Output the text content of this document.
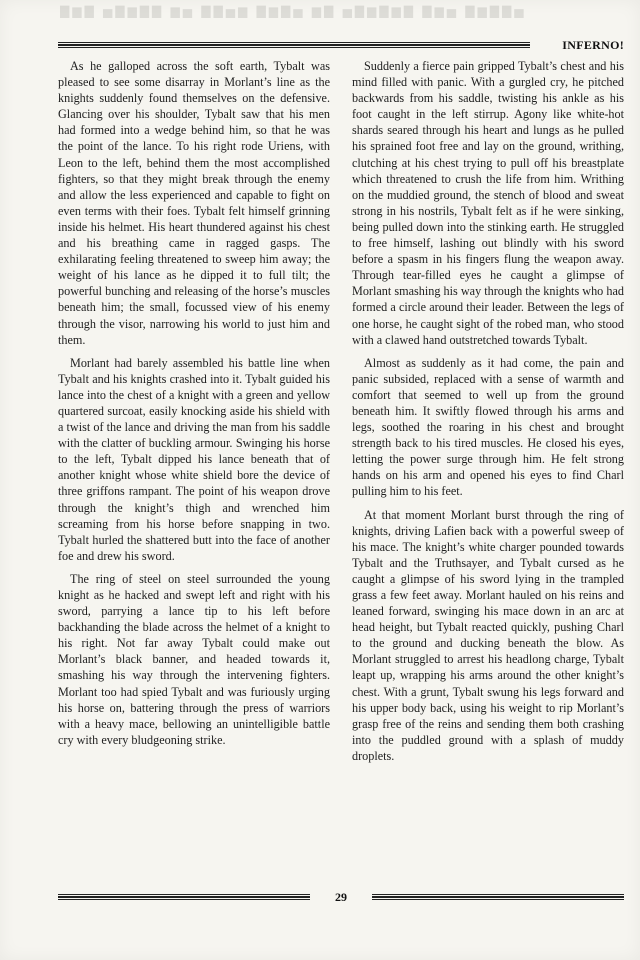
▇▆▇ ▅▇▆▇▇ ▆▅ ▇▇▅▆ ▇▆▇▅ ▆▇ ▅▇▆▇▆▇ ▇▆▅ ▇▆▇▇▅
INFERNO!

As he galloped across the soft earth, Tybalt was pleased to see some disarray in Morlant’s line as the knights suddenly found themselves on the defensive. Glancing over his shoulder, Tybalt saw that his men had formed into a wedge behind him, so that he was the point of the lance. To his right rode Uriens, with Leon to the left, behind them the most accomplished fighters, so that they might break through the enemy and allow the less experienced and capable to fight on even terms with their foes. Tybalt felt himself grinning inside his helmet. His heart thundered against his chest and his breathing came in ragged gasps. The exhilarating feeling threatened to sweep him away; the weight of his lance as he dipped it to full tilt; the powerful bunching and releasing of the horse’s muscles beneath him; the small, focussed view of his enemy through the visor, narrowing his world to just him and them.

Morlant had barely assembled his battle line when Tybalt and his knights crashed into it. Tybalt guided his lance into the chest of a knight with a green and yellow quartered surcoat, easily knocking aside his shield with a twist of the lance and driving the man from his saddle with the clatter of buckling armour. Swinging his horse to the left, Tybalt dipped his lance beneath that of another knight whose white shield bore the device of three griffons rampant. The point of his weapon drove through the knight’s thigh and wrenched him screaming from his horse before snapping in two. Tybalt hurled the shattered butt into the face of another foe and drew his sword.

The ring of steel on steel surrounded the young knight as he hacked and swept left and right with his sword, parrying a lance tip to his left before backhanding the blade across the helmet of a knight to his right. Not far away Tybalt could make out Morlant’s black banner, and headed towards it, smashing his way through the intervening fighters. Morlant too had spied Tybalt and was furiously urging his horse on, battering through the press of warriors with a heavy mace, bellowing an unintelligible battle cry with every bludgeoning strike.

Suddenly a fierce pain gripped Tybalt’s chest and his mind filled with panic. With a gurgled cry, he pitched backwards from his saddle, twisting his ankle as his foot caught in the left stirrup. Agony like white-hot shards seared through his heart and lungs as he pulled his sprained foot free and lay on the ground, writhing, clutching at his chest trying to pull off his breastplate which threatened to crush the life from him. Writhing on the muddied ground, the stench of blood and sweat strong in his nostrils, Tybalt felt as if he were sinking, being pulled down into the stinking earth. He struggled to free himself, lashing out blindly with his sword before a spasm in his fingers flung the weapon away. Through tear-filled eyes he caught a glimpse of Morlant smashing his way through the knights who had formed a circle around their leader. Between the legs of one horse, he caught sight of the robed man, who stood with a clawed hand outstretched towards Tybalt.

Almost as suddenly as it had come, the pain and panic subsided, replaced with a sense of warmth and comfort that seemed to well up from the ground beneath him. It swiftly flowed through his arms and legs, soothed the roaring in his chest and brought strength back to his tired muscles. He closed his eyes, letting the power surge through him. He felt strong hands on his arm and opened his eyes to find Charl pulling him to his feet.

At that moment Morlant burst through the ring of knights, driving Lafien back with a powerful sweep of his mace. The knight’s white charger pounded towards Tybalt and the Truthsayer, and Tybalt cursed as he caught a glimpse of his sword lying in the trampled grass a few feet away. Morlant hauled on his reins and leaned forward, swinging his mace down in an arc at head height, but Tybalt reacted quickly, pushing Charl to the ground and ducking beneath the blow. As Morlant struggled to arrest his headlong charge, Tybalt leapt up, wrapping his arms around the other knight’s chest. With a grunt, Tybalt swung his legs forward and his upper body back, using his weight to rip Morlant’s grasp free of the reins and sending them both crashing into the puddled ground with a splash of muddy droplets.

29
